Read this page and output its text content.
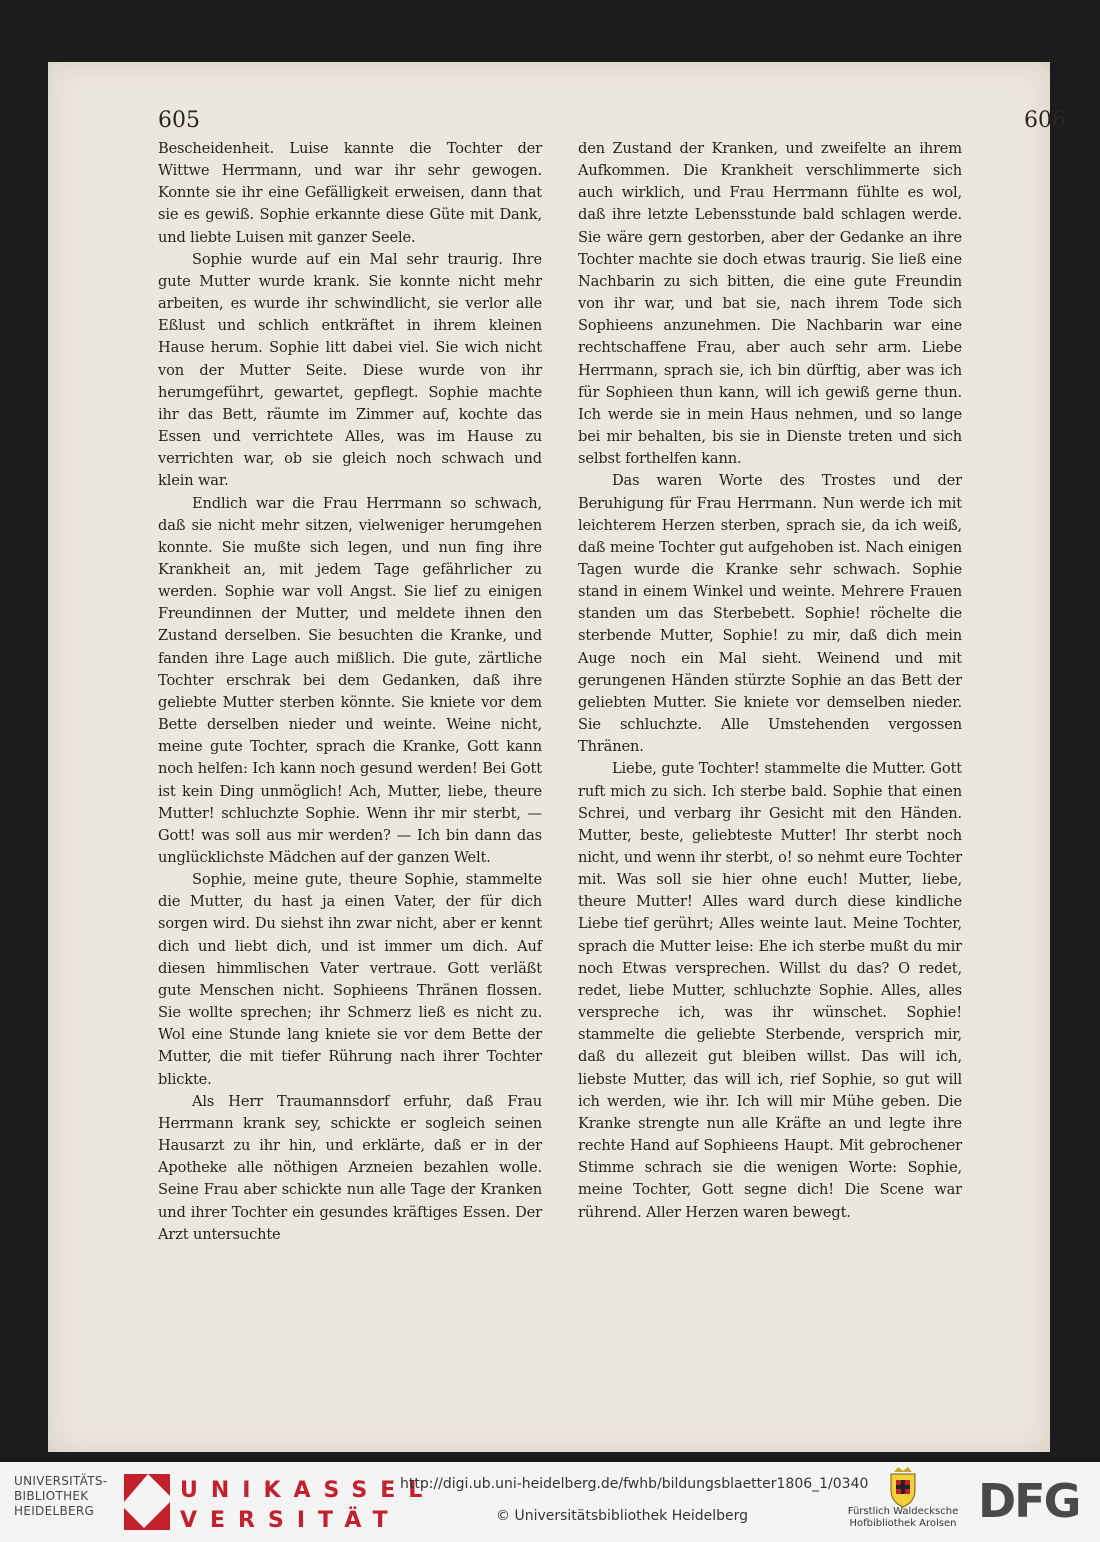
605	606

Bescheidenheit. Luise kannte die Tochter der Wittwe Herrmann, und war ihr sehr gewogen. Konnte sie ihr eine Gefälligkeit erweisen, dann that sie es gewiß. Sophie erkannte diese Güte mit Dank, und liebte Luisen mit ganzer Seele.

Sophie wurde auf ein Mal sehr traurig. Ihre gute Mutter wurde krank. Sie konnte nicht mehr arbeiten, es wurde ihr schwindlicht, sie verlor alle Eßlust und schlich entkräftet in ihrem kleinen Hause herum. Sophie litt dabei viel. Sie wich nicht von der Mutter Seite. Diese wurde von ihr herumgeführt, gewartet, gepflegt. Sophie machte ihr das Bett, räumte im Zimmer auf, kochte das Essen und verrichtete Alles, was im Hause zu verrichten war, ob sie gleich noch schwach und klein war.

Endlich war die Frau Herrmann so schwach, daß sie nicht mehr sitzen, vielweniger herumgehen konnte. Sie mußte sich legen, und nun fing ihre Krankheit an, mit jedem Tage gefährlicher zu werden. Sophie war voll Angst. Sie lief zu einigen Freundinnen der Mutter, und meldete ihnen den Zustand derselben. Sie besuchten die Kranke, und fanden ihre Lage auch mißlich. Die gute, zärtliche Tochter erschrak bei dem Gedanken, daß ihre geliebte Mutter sterben könnte. Sie kniete vor dem Bette derselben nieder und weinte. Weine nicht, meine gute Tochter, sprach die Kranke, Gott kann noch helfen: Ich kann noch gesund werden! Bei Gott ist kein Ding unmöglich! Ach, Mutter, liebe, theure Mutter! schluchzte Sophie. Wenn ihr mir sterbt, — Gott! was soll aus mir werden? — Ich bin dann das unglücklichste Mädchen auf der ganzen Welt.

Sophie, meine gute, theure Sophie, stammelte die Mutter, du hast ja einen Vater, der für dich sorgen wird. Du siehst ihn zwar nicht, aber er kennt dich und liebt dich, und ist immer um dich. Auf diesen himmlischen Vater vertraue. Gott verläßt gute Menschen nicht. Sophieens Thränen flossen. Sie wollte sprechen; ihr Schmerz ließ es nicht zu. Wol eine Stunde lang kniete sie vor dem Bette der Mutter, die mit tiefer Rührung nach ihrer Tochter blickte.

Als Herr Traumannsdorf erfuhr, daß Frau Herrmann krank sey, schickte er sogleich seinen Hausarzt zu ihr hin, und erklärte, daß er in der Apotheke alle nöthigen Arzneien bezahlen wolle. Seine Frau aber schickte nun alle Tage der Kranken und ihrer Tochter ein gesundes kräftiges Essen. Der Arzt untersuchte

den Zustand der Kranken, und zweifelte an ihrem Aufkommen. Die Krankheit verschlimmerte sich auch wirklich, und Frau Herrmann fühlte es wol, daß ihre letzte Lebensstunde bald schlagen werde. Sie wäre gern gestorben, aber der Gedanke an ihre Tochter machte sie doch etwas traurig. Sie ließ eine Nachbarin zu sich bitten, die eine gute Freundin von ihr war, und bat sie, nach ihrem Tode sich Sophieens anzunehmen. Die Nachbarin war eine rechtschaffene Frau, aber auch sehr arm. Liebe Herrmann, sprach sie, ich bin dürftig, aber was ich für Sophieen thun kann, will ich gewiß gerne thun. Ich werde sie in mein Haus nehmen, und so lange bei mir behalten, bis sie in Dienste treten und sich selbst forthelfen kann.

Das waren Worte des Trostes und der Beruhigung für Frau Herrmann. Nun werde ich mit leichterem Herzen sterben, sprach sie, da ich weiß, daß meine Tochter gut aufgehoben ist. Nach einigen Tagen wurde die Kranke sehr schwach. Sophie stand in einem Winkel und weinte. Mehrere Frauen standen um das Sterbebett. Sophie! röchelte die sterbende Mutter, Sophie! zu mir, daß dich mein Auge noch ein Mal sieht. Weinend und mit gerungenen Händen stürzte Sophie an das Bett der geliebten Mutter. Sie kniete vor demselben nieder. Sie schluchzte. Alle Umstehenden vergossen Thränen.

Liebe, gute Tochter! stammelte die Mutter. Gott ruft mich zu sich. Ich sterbe bald. Sophie that einen Schrei, und verbarg ihr Gesicht mit den Händen. Mutter, beste, geliebteste Mutter! Ihr sterbt noch nicht, und wenn ihr sterbt, o! so nehmt eure Tochter mit. Was soll sie hier ohne euch! Mutter, liebe, theure Mutter! Alles ward durch diese kindliche Liebe tief gerührt; Alles weinte laut. Meine Tochter, sprach die Mutter leise: Ehe ich sterbe mußt du mir noch Etwas versprechen. Willst du das? O redet, redet, liebe Mutter, schluchzte Sophie. Alles, alles verspreche ich, was ihr wünschet. Sophie! stammelte die geliebte Sterbende, versprich mir, daß du allezeit gut bleiben willst. Das will ich, liebste Mutter, das will ich, rief Sophie, so gut will ich werden, wie ihr. Ich will mir Mühe geben. Die Kranke strengte nun alle Kräfte an und legte ihre rechte Hand auf Sophieens Haupt. Mit gebrochener Stimme schrach sie die wenigen Worte: Sophie, meine Tochter, Gott segne dich! Die Scene war rührend. Aller Herzen waren bewegt.

UNIVERSITÄTS-
BIBLIOTHEK
HEIDELBERG
UNIKASSEL
VERSITÄT
http://digi.ub.uni-heidelberg.de/fwhb/bildungsblaetter1806_1/0340
© Universitätsbibliothek Heidelberg	Fürstlich Waldecksche
Hofbibliothek Arolsen DFG
